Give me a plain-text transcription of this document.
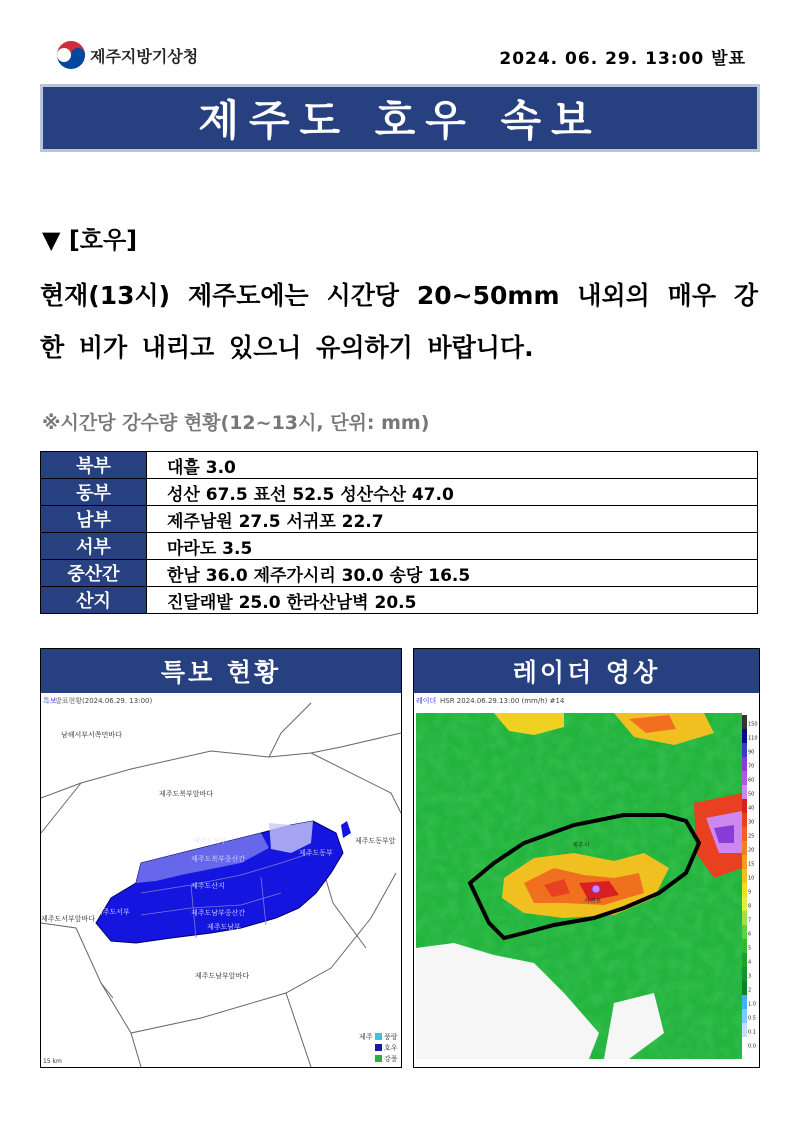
제주지방기상청	2024. 06. 29. 13:00 발표
제주도 호우 속보
▼ [호우]
현재(13시) 제주도에는 시간당 20~50mm 내외의 매우 강한 비가 내리고 있으니 유의하기 바랍니다.
※시간당 강수량 현황(12~13시, 단위: mm)
북부	대흘 3.0
동부	성산 67.5 표선 52.5 성산수산 47.0
남부	제주남원 27.5 서귀포 22.7
서부	마라도 3.5
중산간	한남 36.0 제주가시리 30.0 송당 16.5
산지	진달래밭 25.0 한라산남벽 20.5
특보 현황
특보
발표현황(2024.06.29. 13:00)
남해서부서쪽먼바다
제주도북부앞바다
제주도동부앞
제주도서부앞바다
제주도남부앞바다
제주도북부
제주도북부중산간
제주도동부
제주도산지
제주도서부	제주도남부중산간
제주도남부
제주 풍랑
호우
강풍
15 km
레이더 영상
레이더 HSR 2024.06.29.13:00 (mm/h) #14
제주시
서귀포
150
110
90
70
60
50
40
30
25
20
15
10
9
8
7
6
5
4
3
2
1.0
0.5
0.1
0.0
1 km
